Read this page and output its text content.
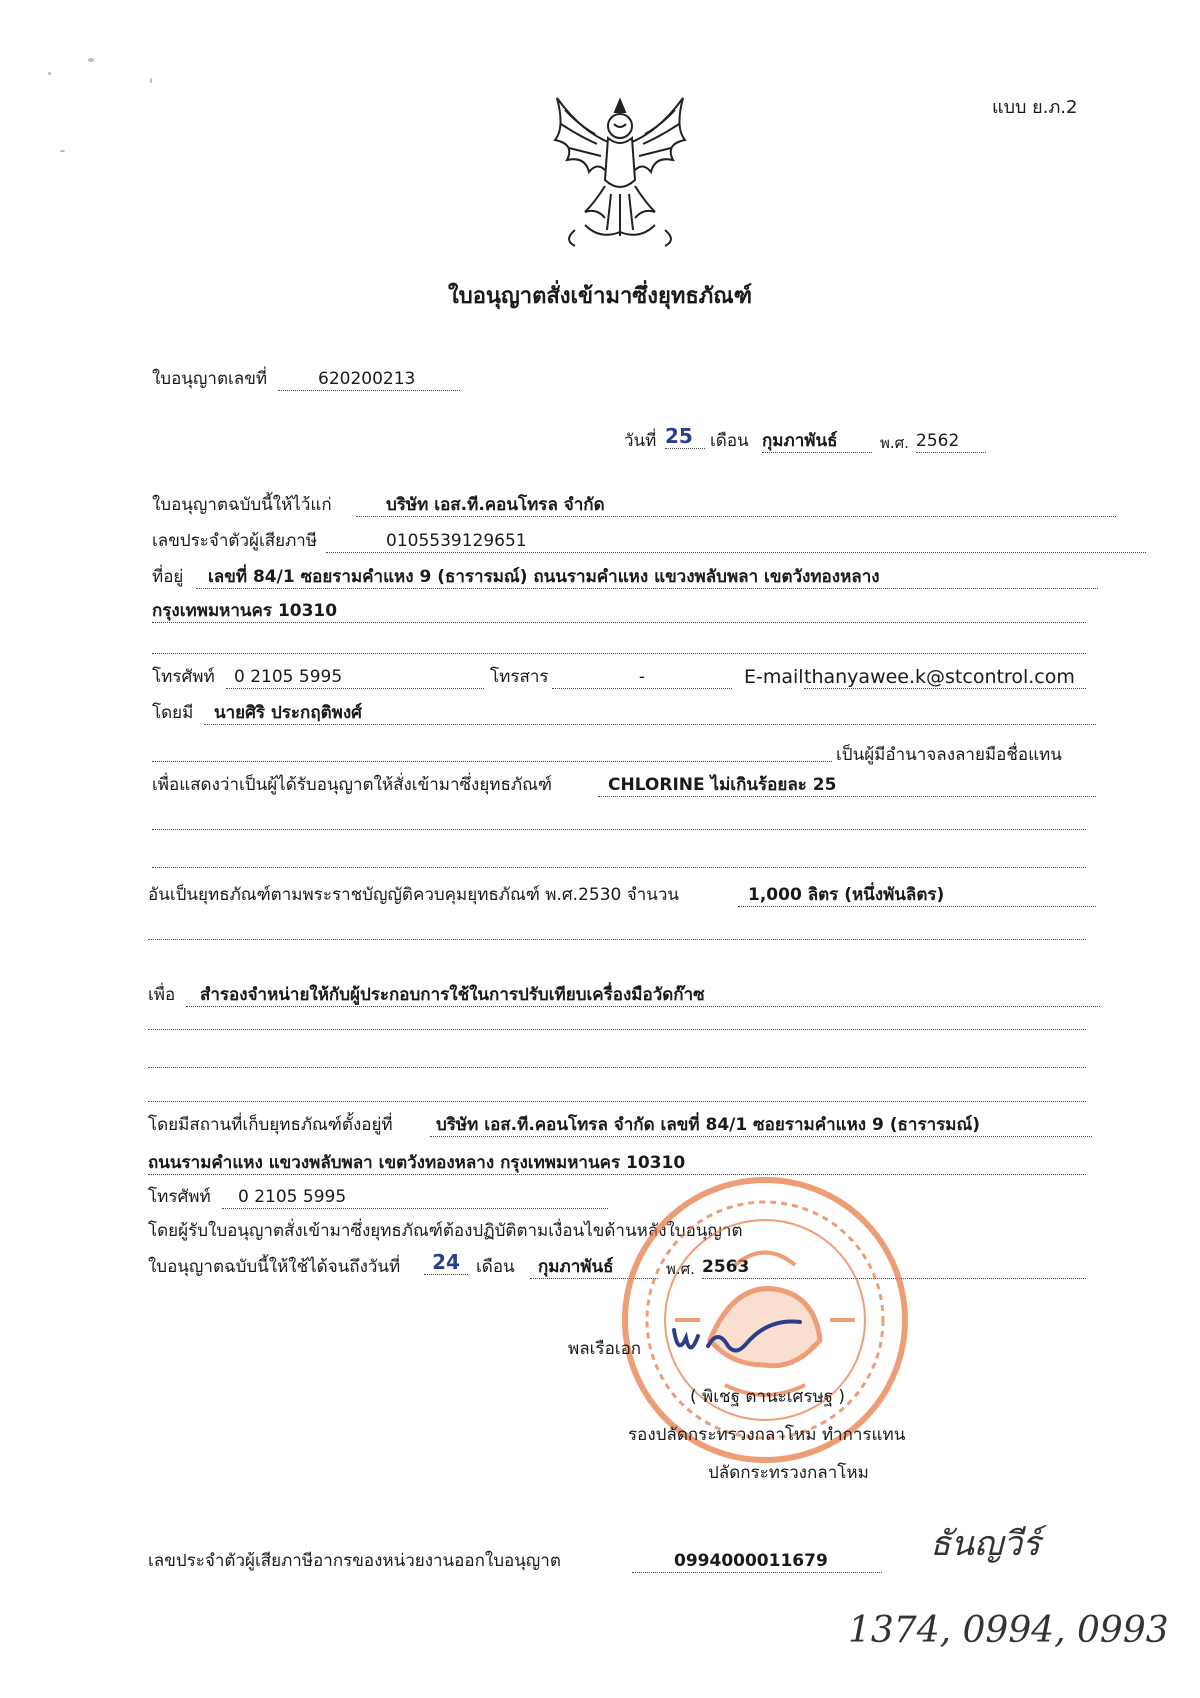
แบบ ย.ภ.2
ใบอนุญาตสั่งเข้ามาซึ่งยุทธภัณฑ์
ใบอนุญาตเลขที่	620200213
วันที่ 25	เดือน กุมภาพันธ์	พ.ศ. 2562
ใบอนุญาตฉบับนี้ให้ไว้แก่	บริษัท เอส.ที.คอนโทรล จำกัด
เลขประจำตัวผู้เสียภาษี	0105539129651
ที่อยู่	เลขที่ 84/1 ซอยรามคำแหง 9 (ธารารมณ์) ถนนรามคำแหง แขวงพลับพลา เขตวังทองหลาง
กรุงเทพมหานคร 10310
โทรศัพท์	0 2105 5995	โทรสาร	-	E-mail thanyawee.k@stcontrol.com
โดยมี	นายศิริ ประกฤติพงศ์
เป็นผู้มีอำนาจลงลายมือชื่อแทน
เพื่อแสดงว่าเป็นผู้ได้รับอนุญาตให้สั่งเข้ามาซึ่งยุทธภัณฑ์	CHLORINE ไม่เกินร้อยละ 25
อันเป็นยุทธภัณฑ์ตามพระราชบัญญัติควบคุมยุทธภัณฑ์ พ.ศ.2530 จำนวน	1,000 ลิตร (หนึ่งพันลิตร)
เพื่อ	สำรองจำหน่ายให้กับผู้ประกอบการใช้ในการปรับเทียบเครื่องมือวัดก๊าซ
โดยมีสถานที่เก็บยุทธภัณฑ์ตั้งอยู่ที่	บริษัท เอส.ที.คอนโทรล จำกัด เลขที่ 84/1 ซอยรามคำแหง 9 (ธารารมณ์)
ถนนรามคำแหง แขวงพลับพลา เขตวังทองหลาง กรุงเทพมหานคร 10310
โทรศัพท์	0 2105 5995
โดยผู้รับใบอนุญาตสั่งเข้ามาซึ่งยุทธภัณฑ์ต้องปฏิบัติตามเงื่อนไขด้านหลังใบอนุญาต
ใบอนุญาตฉบับนี้ให้ใช้ได้จนถึงวันที่	24 เดือน	กุมภาพันธ์	พ.ศ. 2563
พลเรือเอก
( พิเชฐ ตานะเศรษฐ )
รองปลัดกระทรวงกลาโหม ทำการแทน
ปลัดกระทรวงกลาโหม
เลขประจำตัวผู้เสียภาษีอากรของหน่วยงานออกใบอนุญาต	0994000011679	ธันญวีร์
1374, 0994, 0993
